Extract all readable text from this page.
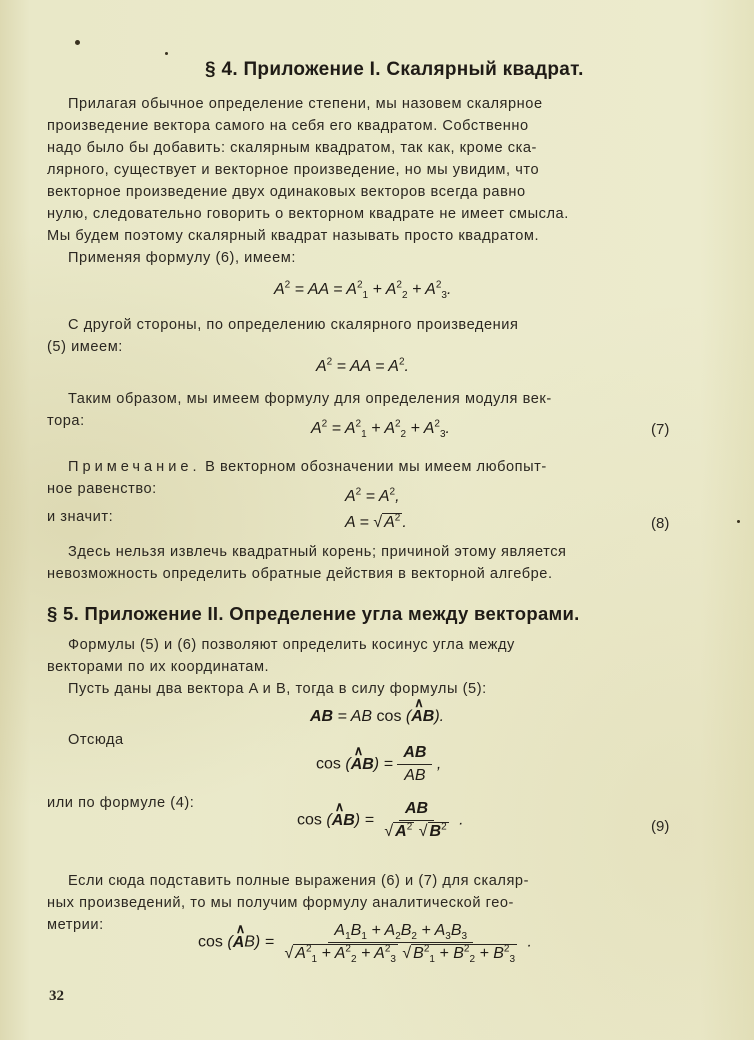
§ 4. Приложение I. Скалярный квадрат.
Прилагая обычное определение степени, мы назовем скалярное
произведение вектора самого на себя его квадратом. Собственно
надо было бы добавить: скалярным квадратом, так как, кроме ска-
лярного, существует и векторное произведение, но мы увидим, что
векторное произведение двух одинаковых векторов всегда равно
нулю, следовательно говорить о векторном квадрате не имеет смысла.
Мы будем поэтому скалярный квадрат называть просто квадратом.
Применяя формулу (6), имеем:
$A^2$ = AA = $A^2_1 + A^2_2 + A^2_3$.
С другой стороны, по определению скалярного произведения
(5) имеем:
$A^2$ = AA = $A^2$.
Таким образом, мы имеем формулу для определения модуля век-
тора:	$A^2 = A^2_1 + A^2_2 + A^2_3$.	(7)
Примечание. В векторном обозначении мы имеем любопыт-
ное равенство:	$A^2 = A^2$,
и значит:	A = √ $A^2$ .	(8)
Здесь нельзя извлечь квадратный корень; причиной этому является
невозможность определить обратные действия в векторной алгебре.
§ 5. Приложение II. Определение угла между векторами.
Формулы (5) и (6) позволяют определить косинус угла между
векторами по их координатам.
Пусть даны два вектора A и B, тогда в силу формулы (5):
AB = AB cos (∧ AB).
Отсюда
cos (∧ $AB) = \frac{AB}{AB}$ ,
или по формуле (4):
cos (∧ $AB) = \frac{AB}{√ A^2 √ B^2}$ .	(9)
Если сюда подставить полные выражения (6) и (7) для скаляр-
ных произведений, то мы получим формулу аналитической гео-
метрии:
cos (∧ $AB) = \frac{A_1B_1 + A_2B_2 + A_3B_3}{√ A^2_1 + A^2_2 + A^2_3 √ B^2_1 + B^2_2 + B^2_3}$ .
32
